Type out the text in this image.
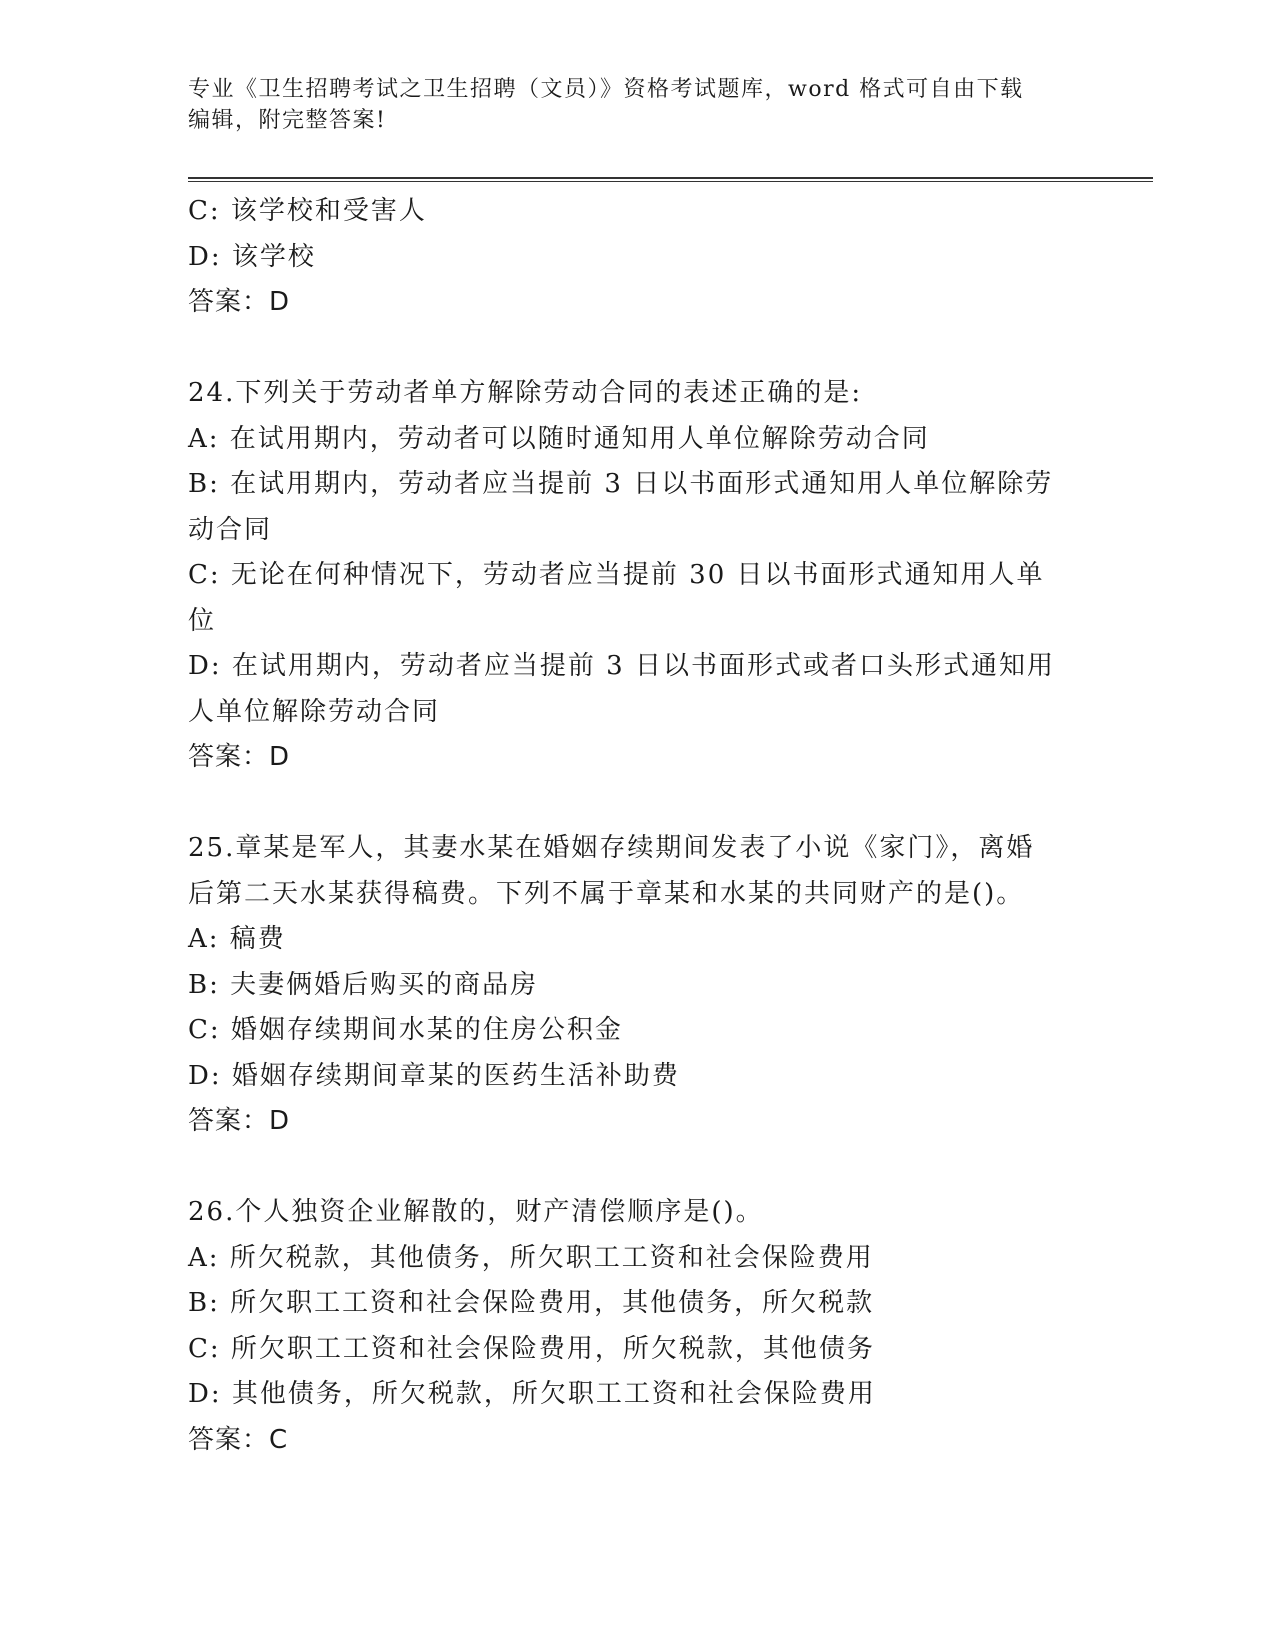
专业《卫生招聘考试之卫生招聘（文员）》资格考试题库，word 格式可自由下载
编辑，附完整答案!
C: 该学校和受害人
D: 该学校
答案：D
24.下列关于劳动者单方解除劳动合同的表述正确的是:
A: 在试用期内，劳动者可以随时通知用人单位解除劳动合同
B: 在试用期内，劳动者应当提前 3 日以书面形式通知用人单位解除劳
动合同
C: 无论在何种情况下，劳动者应当提前 30 日以书面形式通知用人单
位
D: 在试用期内，劳动者应当提前 3 日以书面形式或者口头形式通知用
人单位解除劳动合同
答案：D
25.章某是军人，其妻水某在婚姻存续期间发表了小说《家门》，离婚
后第二天水某获得稿费。下列不属于章某和水某的共同财产的是()。
A: 稿费
B: 夫妻俩婚后购买的商品房
C: 婚姻存续期间水某的住房公积金
D: 婚姻存续期间章某的医药生活补助费
答案：D
26.个人独资企业解散的，财产清偿顺序是()。
A: 所欠税款，其他债务，所欠职工工资和社会保险费用
B: 所欠职工工资和社会保险费用，其他债务，所欠税款
C: 所欠职工工资和社会保险费用，所欠税款，其他债务
D: 其他债务，所欠税款，所欠职工工资和社会保险费用
答案：C
